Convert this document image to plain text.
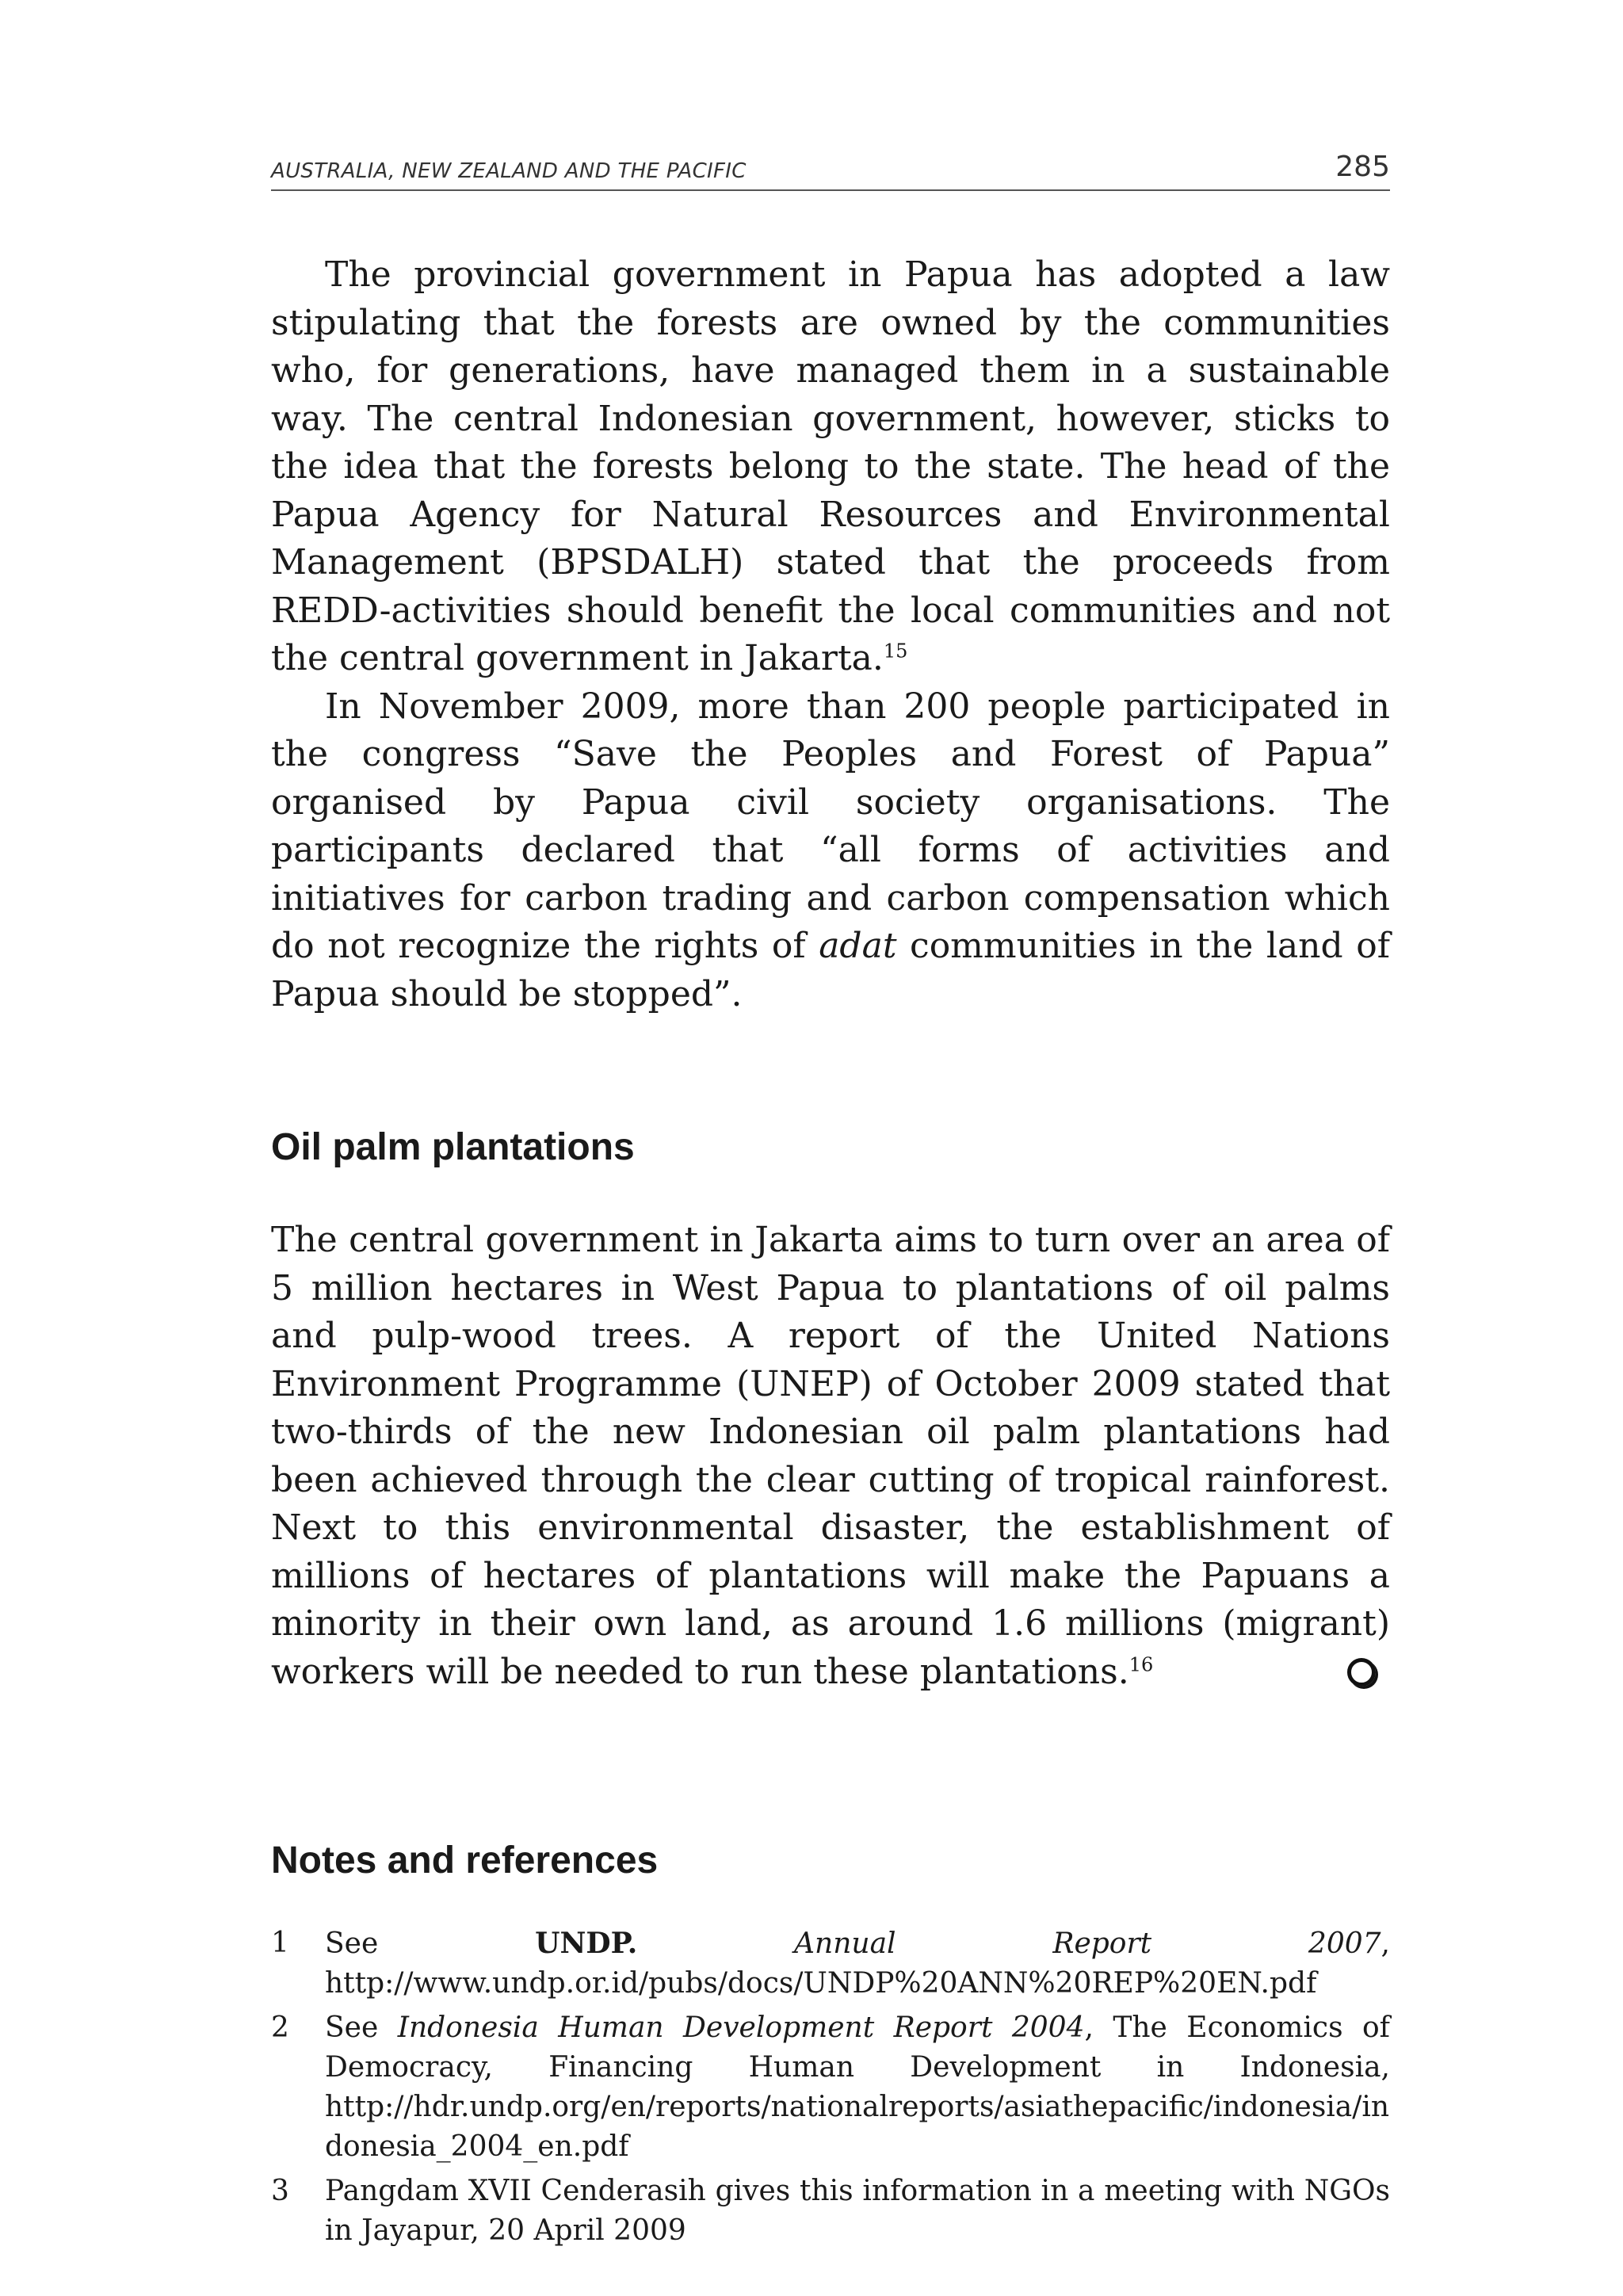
AUSTRALIA, NEW ZEALAND AND THE PACIFIC	285

The provincial government in Papua has adopted a law stipulating that the forests are owned by the communities who, for generations, have managed them in a sustainable way. The central Indonesian government, however, sticks to the idea that the forests belong to the state. The head of the Papua Agency for Natural Resources and Environmental Management (BPSDALH) stated that the proceeds from REDD-activities should benefit the local communities and not the central government in Jakarta.$^{15}$

In November 2009, more than 200 people participated in the congress “Save the Peoples and Forest of Papua” organised by Papua civil society organisations. The participants declared that “all forms of activities and initiatives for carbon trading and carbon compensation which do not recognize the rights of adat communities in the land of Papua should be stopped”.

Oil palm plantations

The central government in Jakarta aims to turn over an area of 5 million hectares in West Papua to plantations of oil palms and pulp-wood trees. A report of the United Nations Environment Programme (UNEP) of October 2009 stated that two-thirds of the new Indonesian oil palm plantations had been achieved through the clear cutting of tropical rainforest. Next to this environmental disaster, the establishment of millions of hectares of plantations will make the Papuans a minority in their own land, as around 1.6 millions (migrant) workers will be needed to run these plantations.$^{16}$

Notes and references
1	See UNDP. Annual Report 2007, http://www.undp.or.id/pubs/docs/UNDP%20ANN%20REP%20EN.pdf
2	See Indonesia Human Development Report 2004, The Economics of Democracy, Financing Human Development in Indonesia, http://hdr.undp.org/en/reports/nationalreports/asiathepacific/indonesia/indonesia_2004_en.pdf
3	Pangdam XVII Cenderasih gives this information in a meeting with NGOs in Jayapur, 20 April 2009
